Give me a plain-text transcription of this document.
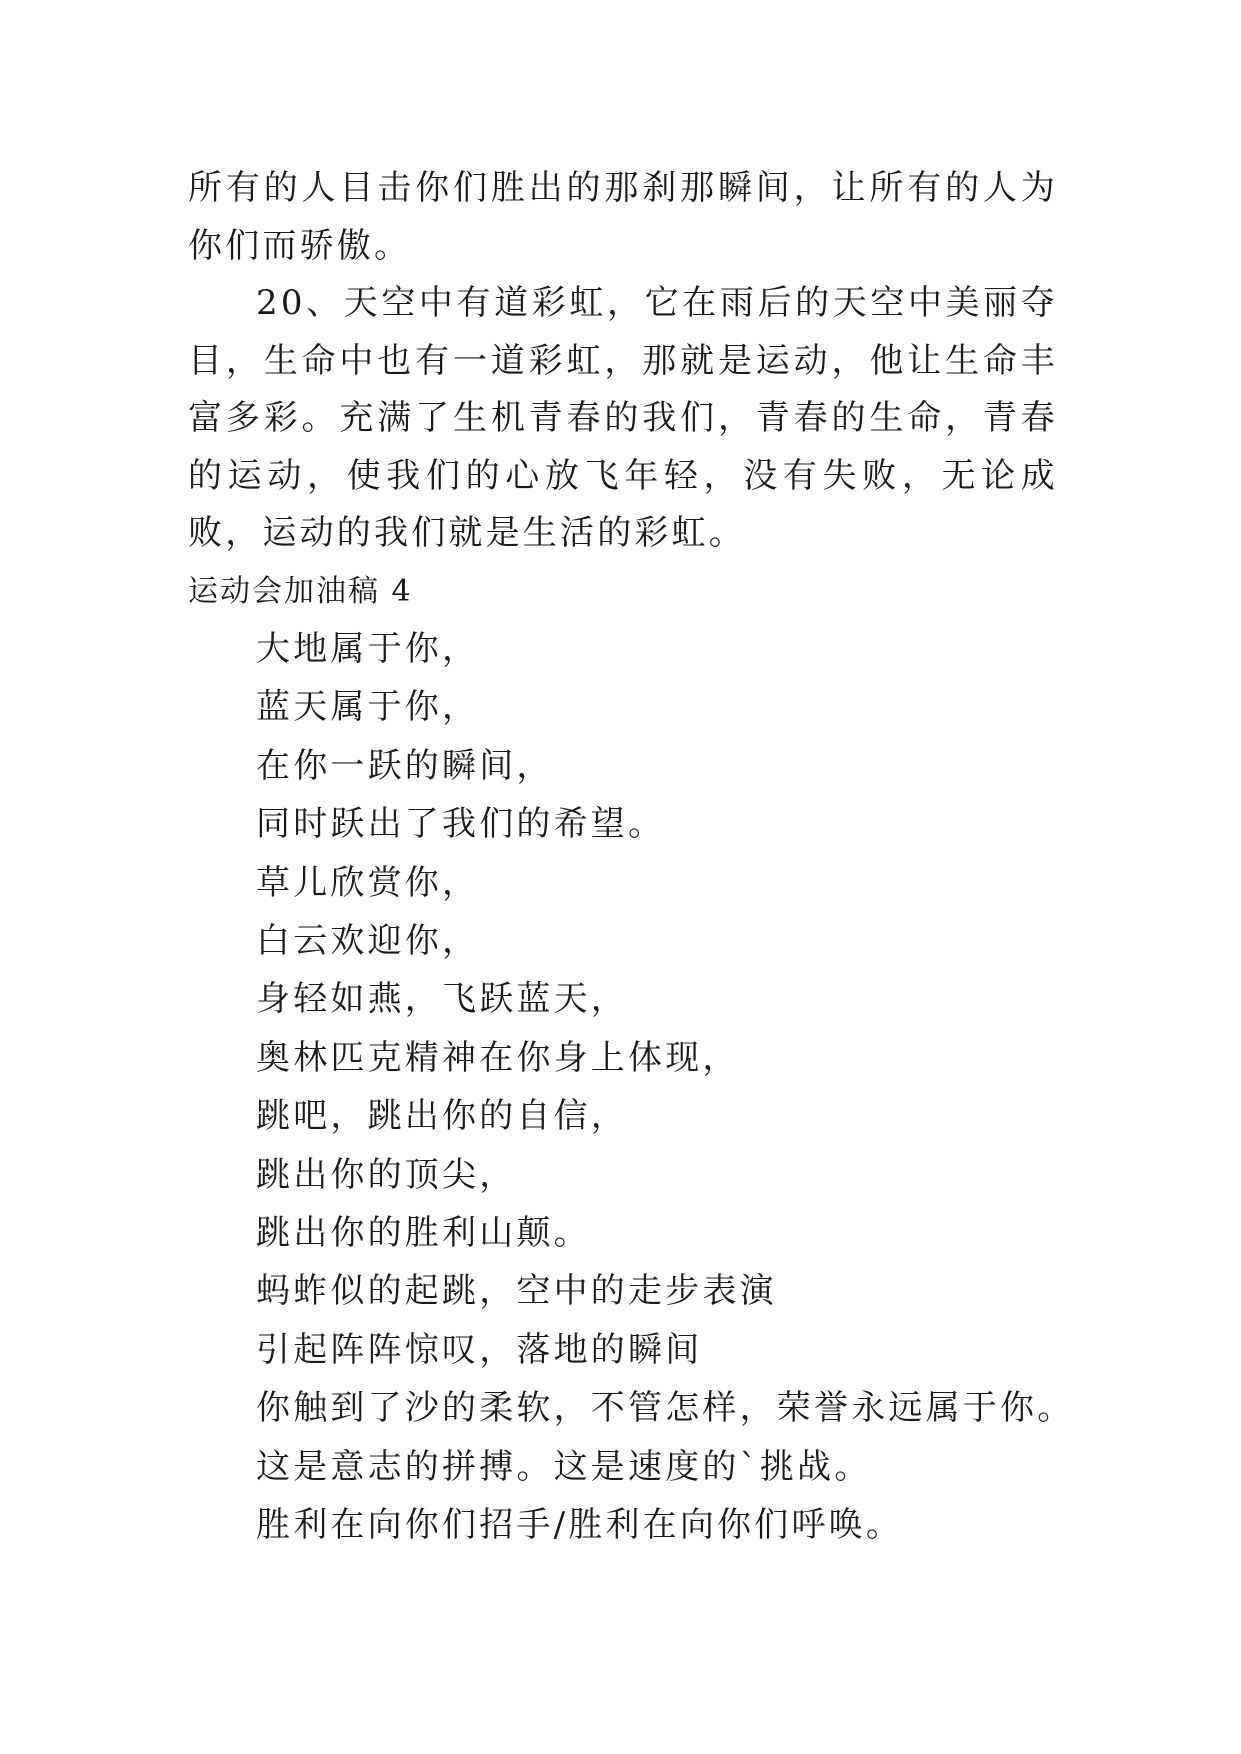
所有的人目击你们胜出的那刹那瞬间，让所有的人为你们而骄傲。

20、天空中有道彩虹，它在雨后的天空中美丽夺目，生命中也有一道彩虹，那就是运动，他让生命丰富多彩。充满了生机青春的我们，青春的生命，青春的运动，使我们的心放飞年轻，没有失败，无论成败，运动的我们就是生活的彩虹。

运动会加油稿 4

大地属于你，
蓝天属于你，
在你一跃的瞬间，
同时跃出了我们的希望。
草儿欣赏你，
白云欢迎你，
身轻如燕，飞跃蓝天，
奥林匹克精神在你身上体现，
跳吧，跳出你的自信，
跳出你的顶尖，
跳出你的胜利山颠。
蚂蚱似的起跳，空中的走步表演
引起阵阵惊叹，落地的瞬间
你触到了沙的柔软，不管怎样，荣誉永远属于你。
这是意志的拼搏。这是速度的`挑战。
胜利在向你们招手/胜利在向你们呼唤。
